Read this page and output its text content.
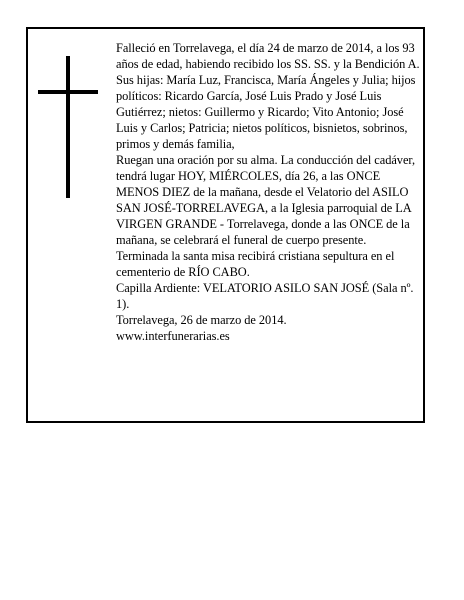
Falleció en Torrelavega, el día 24 de marzo de 2014, a los 93 años de edad, habiendo recibido los SS. SS. y la Bendición A.

Sus hijas: María Luz, Francisca, María Ángeles y Julia; hijos políticos: Ricardo García, José Luis Prado y José Luis Gutiérrez; nietos: Guillermo y Ricardo; Vito Antonio; José Luis y Carlos; Patricia; nietos políticos, bisnietos, sobrinos, primos y demás familia,

Ruegan una oración por su alma. La conducción del cadáver, tendrá lugar HOY, MIÉRCOLES, día 26, a las ONCE MENOS DIEZ de la mañana, desde el Velatorio del ASILO SAN JOSÉ-TORRELAVEGA, a la Iglesia parroquial de LA VIRGEN GRANDE - Torrelavega, donde a las ONCE de la mañana, se celebrará el funeral de cuerpo presente. Terminada la santa misa recibirá cristiana sepultura en el cementerio de RÍO CABO.

Capilla Ardiente: VELATORIO ASILO SAN JOSÉ (Sala nº. 1).

Torrelavega, 26 de marzo de 2014.

www.interfunerarias.es
